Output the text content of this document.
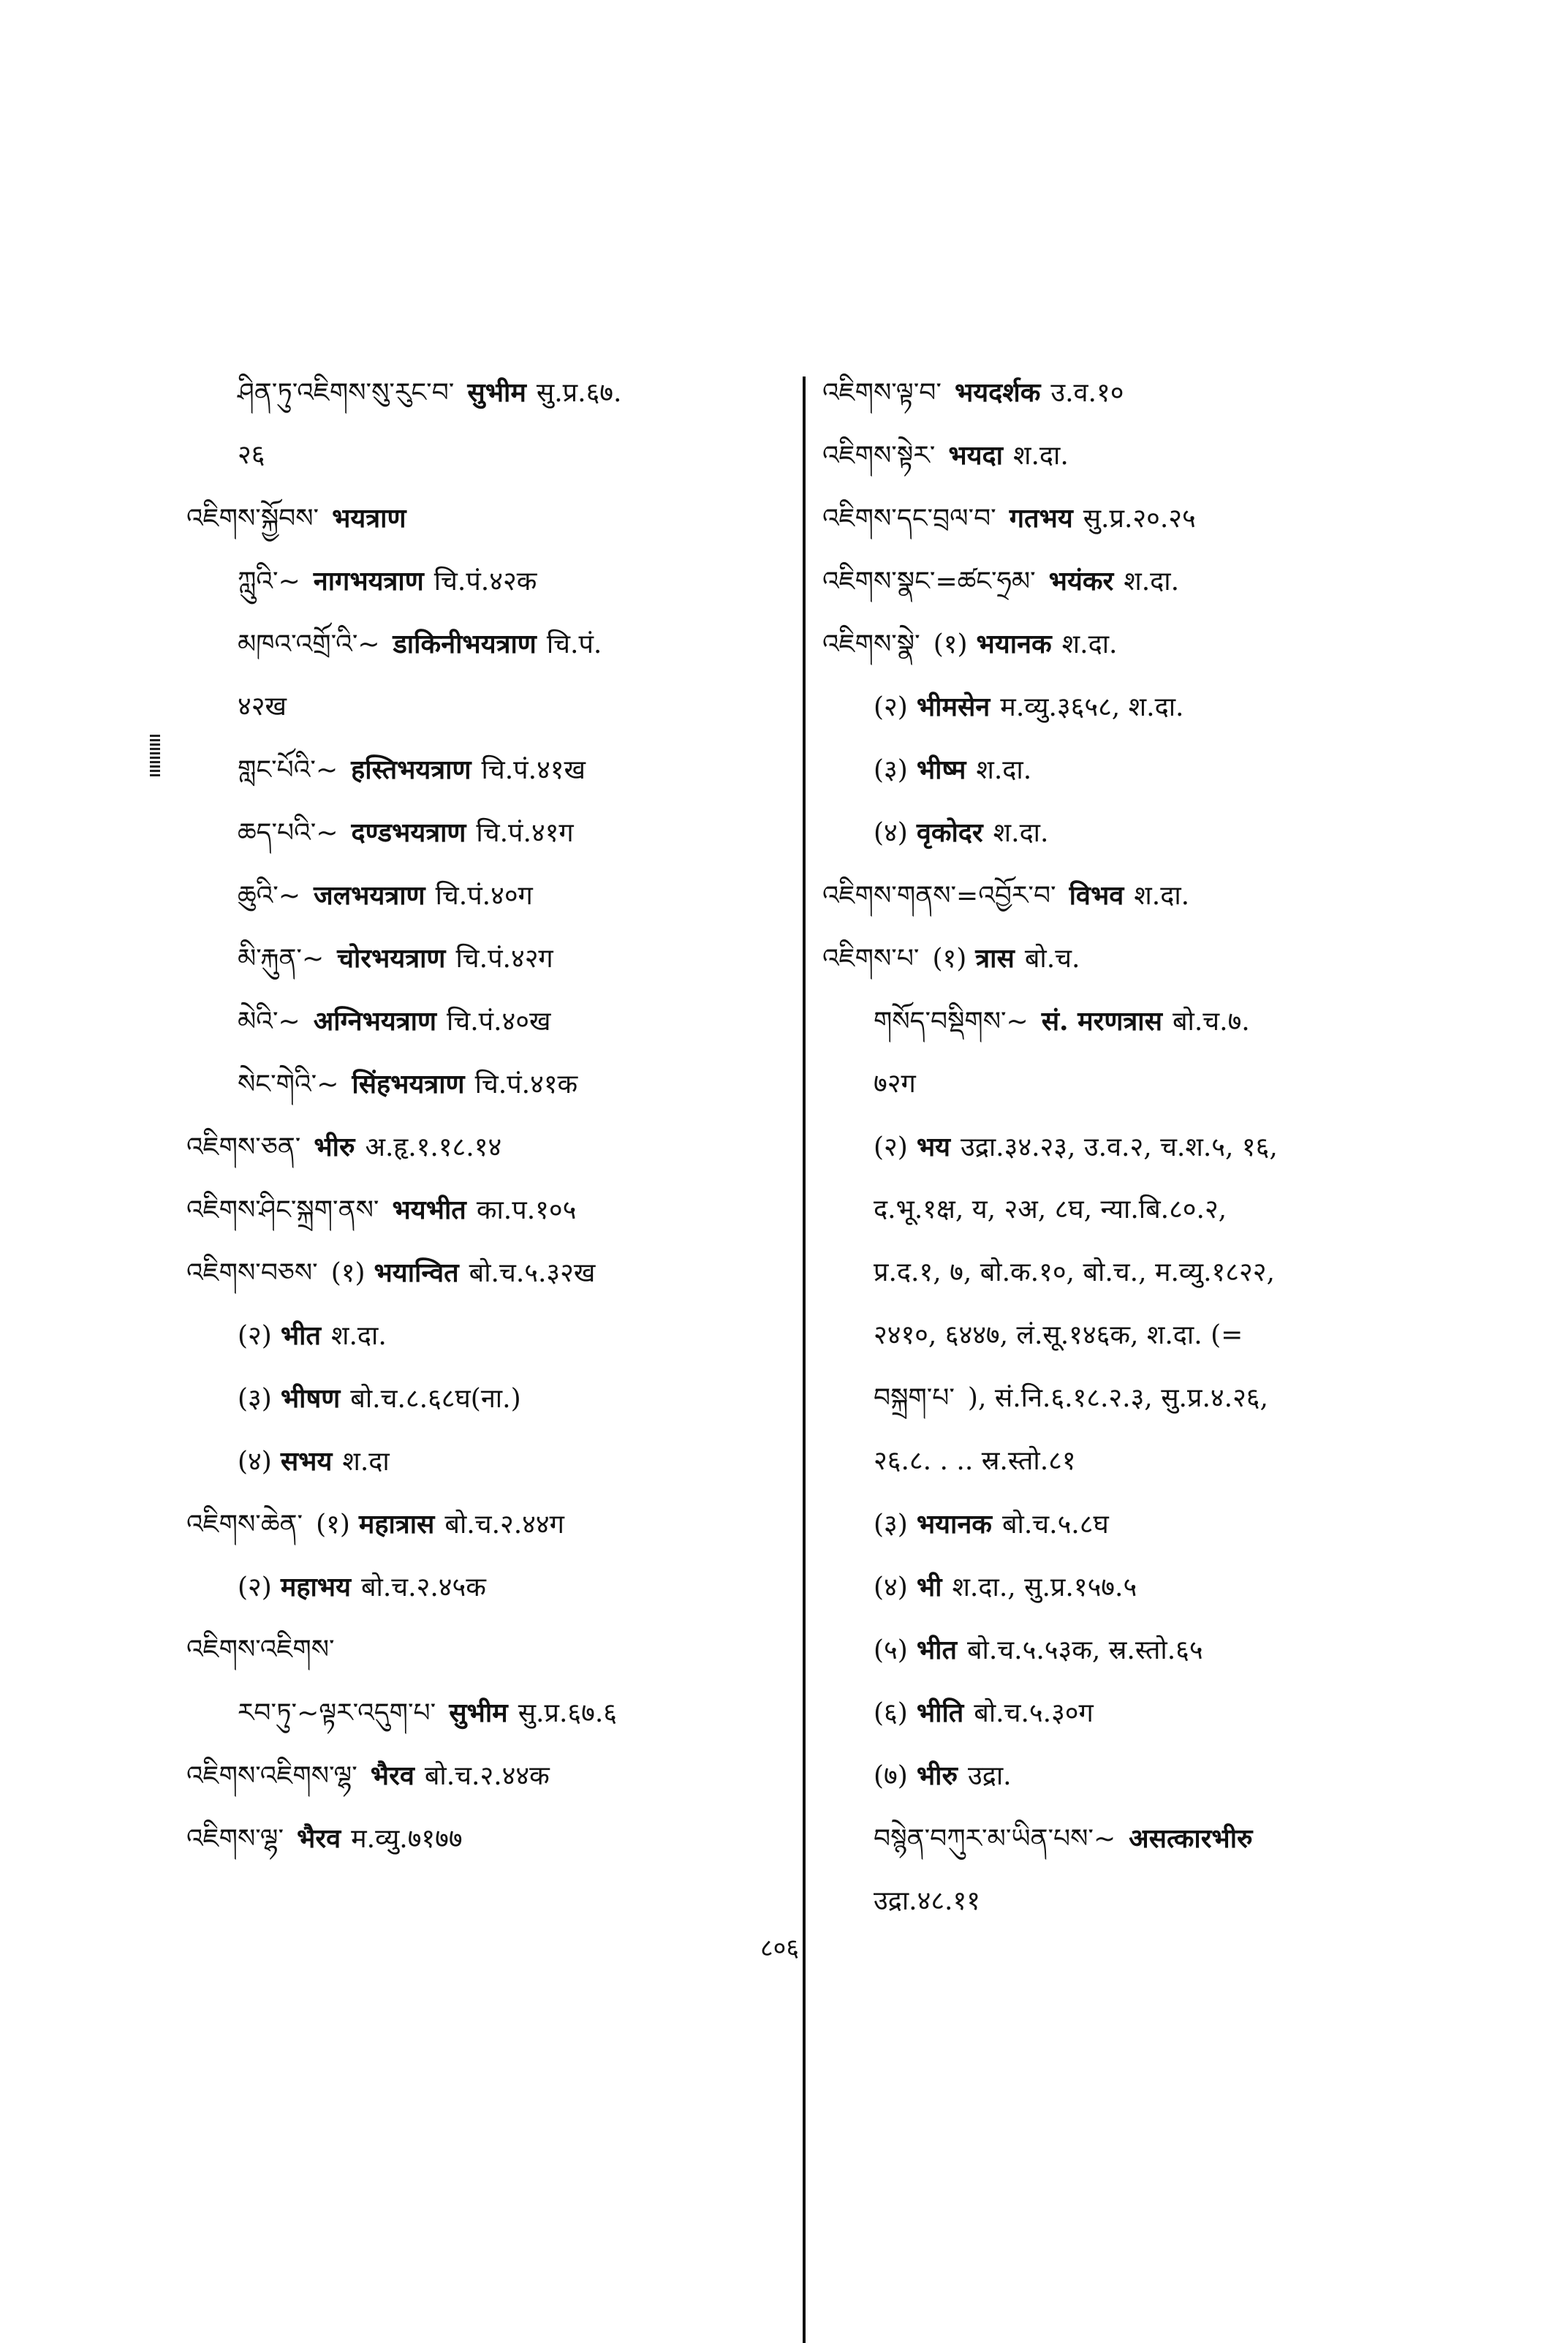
ཤིན་ཏུ་འཇིགས་སུ་རུང་བ་ सुभीम सु.प्र.६७.
२६
འཇིགས་སྐྱོབས་ भयत्राण
ཀླུའི་~ नागभयत्राण चि.पं.४२क
མཁའ་འགྲོ་འི་~ डाकिनीभयत्राण चि.पं.
४२ख
གླང་པོའི་~ हस्तिभयत्राण चि.पं.४१ख
ཆད་པའི་~ दण्डभयत्राण चि.पं.४१ग
ཆུའི་~ जलभयत्राण चि.पं.४०ग
མི་རྐུན་~ चोरभयत्राण चि.पं.४२ग
མེའི་~ अग्निभयत्राण चि.पं.४०ख
སེང་གེའི་~ सिंहभयत्राण चि.पं.४१क
འཇིགས་ཅན་ भीरु अ.हृ.१.१८.१४
འཇིགས་ཤིང་སྐྲག་ནས་ भयभीत का.प.१०५
འཇིགས་བཅས་ (१) भयान्वित बो.च.५.३२ख
(२) भीत श.दा.
(३) भीषण बो.च.८.६८घ(ना.)
(४) सभय श.दा
འཇིགས་ཆེན་ (१) महात्रास बो.च.२.४४ग
(२) महाभय बो.च.२.४५क
འཇིགས་འཇིགས་
རབ་ཏུ་~ལྟར་འདུག་པ་ सुभीम सु.प्र.६७.६
འཇིགས་འཇིགས་ལྷ་ भैरव बो.च.२.४४क
འཇིགས་ལྷ་ भैरव म.व्यु.७१७७
འཇིགས་ལྟ་བ་ भयदर्शक उ.व.१०
འཇིགས་སྟེར་ भयदा श.दा.
འཇིགས་དང་བྲལ་བ་ गतभय सु.प्र.२०.२५
འཇིགས་སྣང་=ཚང་ཧྲམ་ भयंकर श.दा.
འཇིགས་སྣེ་ (१) भयानक श.दा.
(२) भीमसेन म.व्यु.३६५८, श.दा.
(३) भीष्म श.दा.
(४) वृकोदर श.दा.
འཇིགས་གནས་=འབྱོར་བ་ विभव श.दा.
འཇིགས་པ་ (१) त्रास बो.च.
གསོད་བསྡིགས་~ सं. मरणत्रास बो.च.७.
७२ग
(२) भय उद्रा.३४.२३, उ.व.२, च.श.५, १६,
द.भू.१क्ष, य, २अ, ८घ, न्या.बि.८०.२,
प्र.द.१, ७, बो.क.१०, बो.च., म.व्यु.१८२२,
२४१०, ६४४७, लं.सू.१४६क, श.दा. (=
བསྐྲག་པ་ ), सं.नि.६.१८.२.३, सु.प्र.४.२६,
२६.८. . .. स्र.स्तो.८१
(३) भयानक बो.च.५.८घ
(४) भी श.दा., सु.प्र.१५७.५
(५) भीत बो.च.५.५३क, स्र.स्तो.६५
(६) भीति बो.च.५.३०ग
(७) भीरु उद्रा.
བསྙེན་བཀུར་མ་ཡིན་པས་~ असत्कारभीरु
उद्रा.४८.११
८०६
